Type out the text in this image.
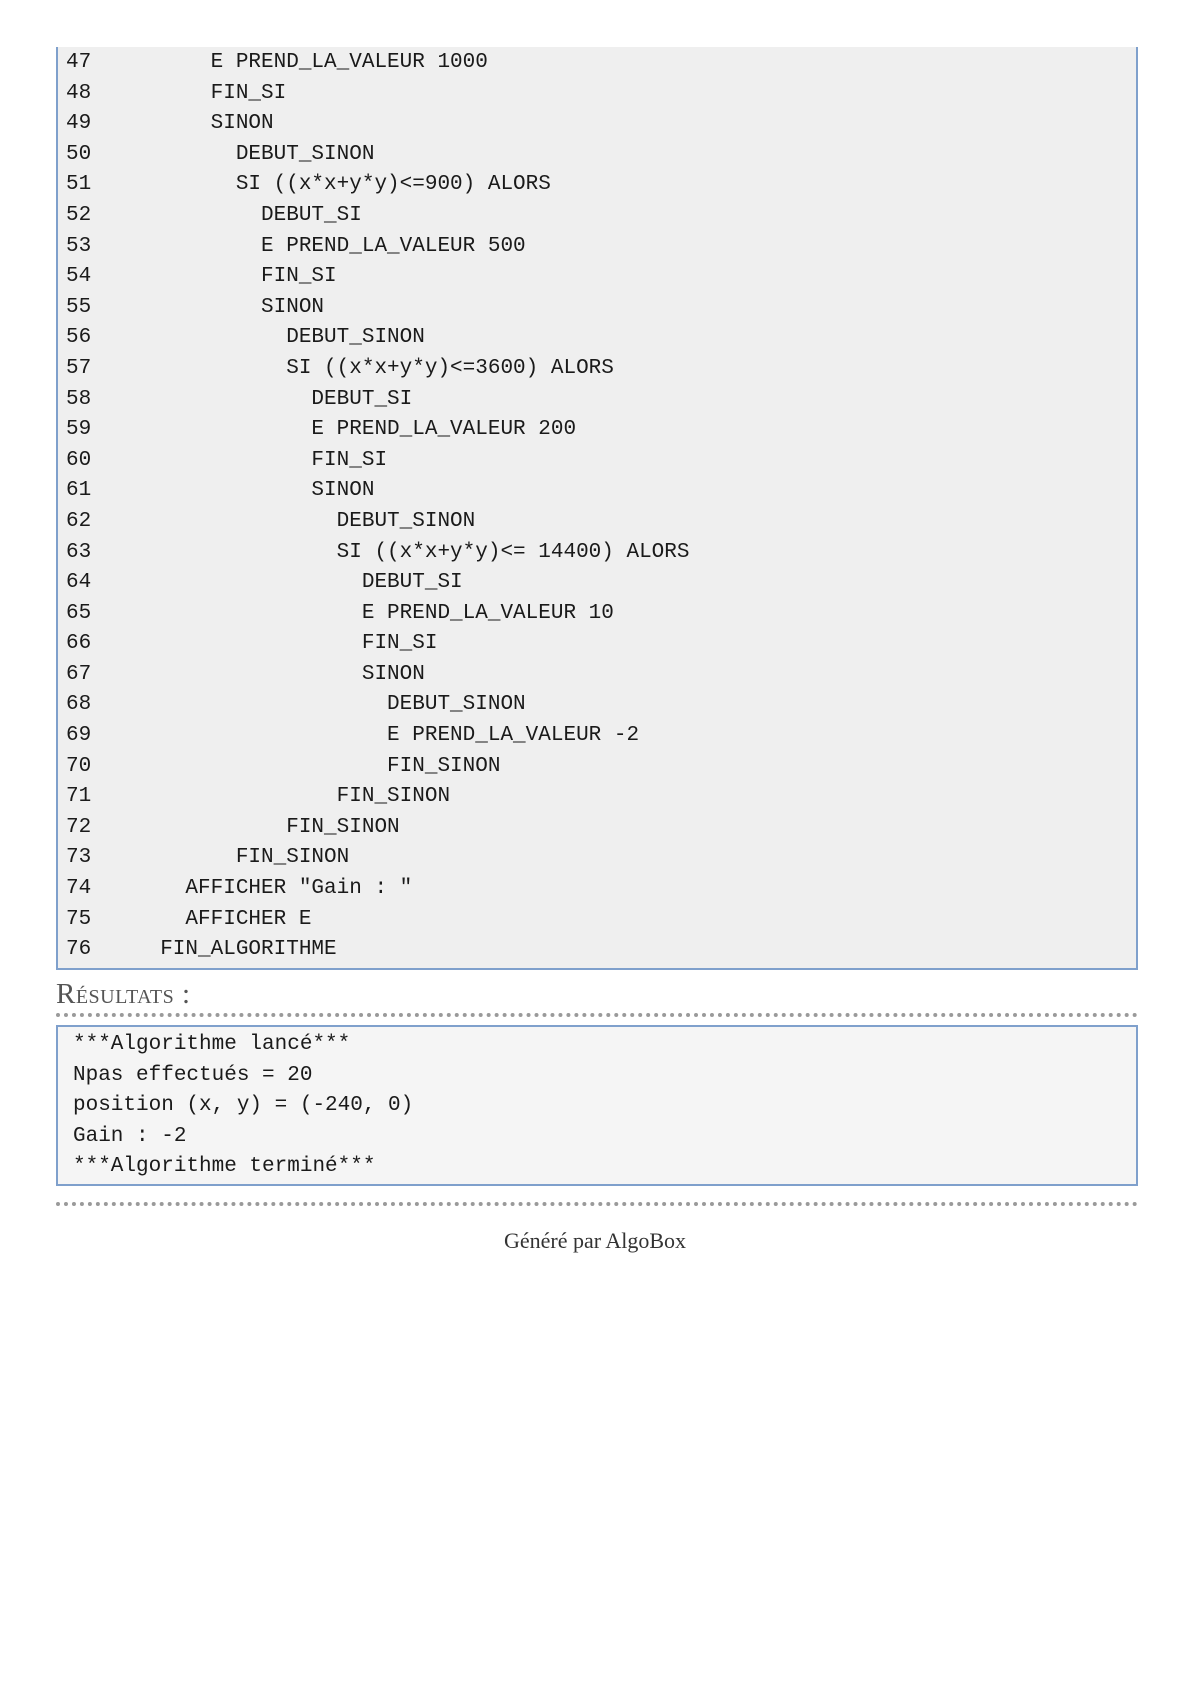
47      E PREND_LA_VALEUR 1000
48      FIN_SI
49      SINON
50        DEBUT_SINON
51        SI ((x*x+y*y)<=900) ALORS
52          DEBUT_SI
53          E PREND_LA_VALEUR 500
54          FIN_SI
55          SINON
56            DEBUT_SINON
57            SI ((x*x+y*y)<=3600) ALORS
58              DEBUT_SI
59              E PREND_LA_VALEUR 200
60              FIN_SI
61              SINON
62                DEBUT_SINON
63                SI ((x*x+y*y)<= 14400) ALORS
64                  DEBUT_SI
65                  E PREND_LA_VALEUR 10
66                  FIN_SI
67                  SINON
68                    DEBUT_SINON
69                    E PREND_LA_VALEUR -2
70                    FIN_SINON
71                FIN_SINON
72            FIN_SINON
73        FIN_SINON
74    AFFICHER "Gain : "
75    AFFICHER E
76  FIN_ALGORITHME
Résultats :
***Algorithme lancé***
Npas effectués = 20
position (x, y) = (-240, 0)
Gain : -2
***Algorithme terminé***
Généré par AlgoBox
